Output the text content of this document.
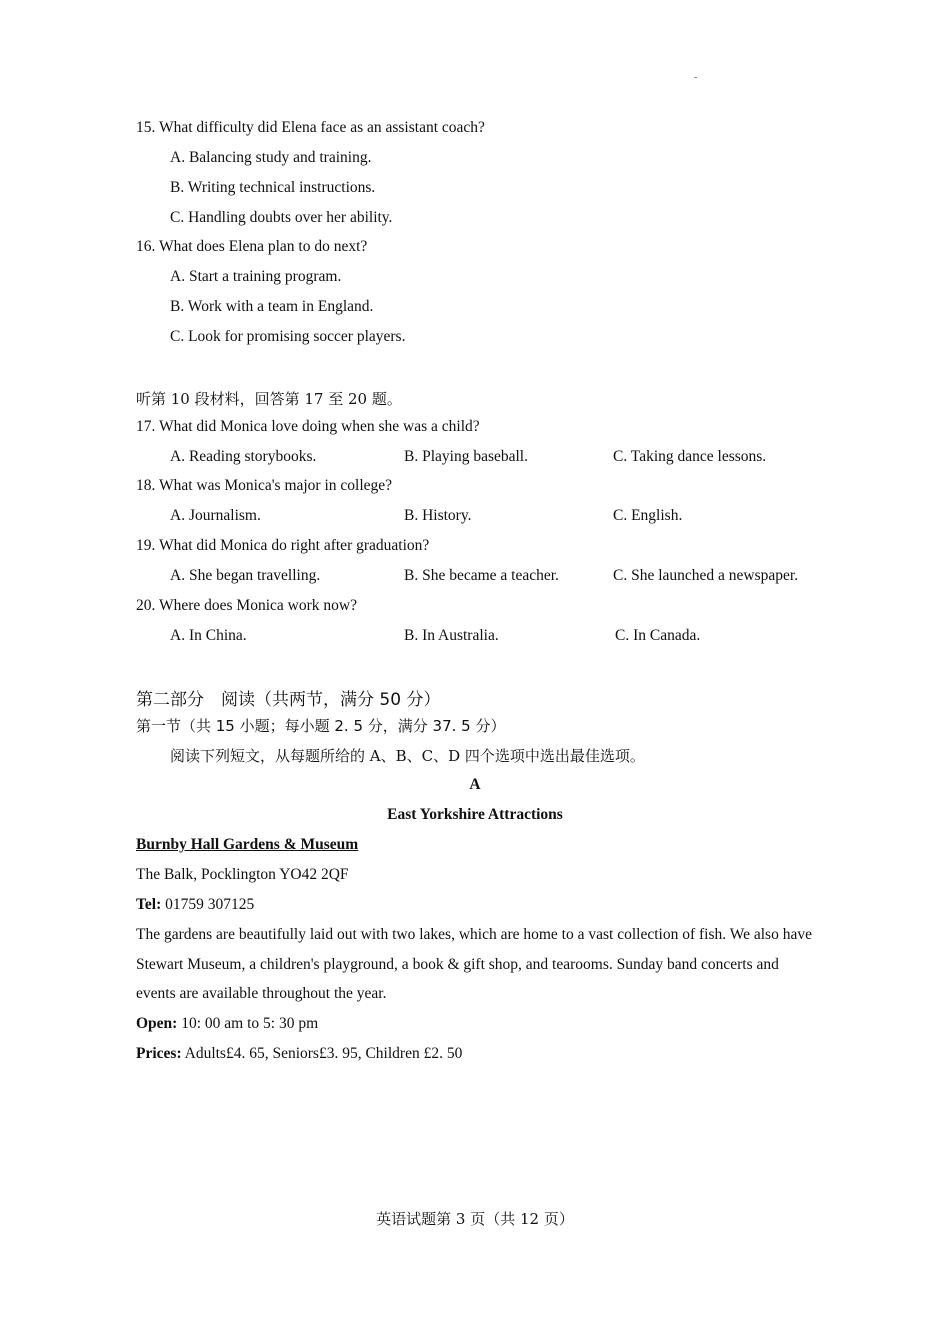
-
15. What difficulty did Elena face as an assistant coach?
A. Balancing study and training.
B. Writing technical instructions.
C. Handling doubts over her ability.
16. What does Elena plan to do next?
A. Start a training program.
B. Work with a team in England.
C. Look for promising soccer players.
听第 10 段材料，回答第 17 至 20 题。
17. What did Monica love doing when she was a child?
A. Reading storybooks.	B. Playing baseball.	C. Taking dance lessons.
18. What was Monica's major in college?
A. Journalism.	B. History.	C. English.
19. What did Monica do right after graduation?
A. She began travelling.	B. She became a teacher.	C. She launched a newspaper.
20. Where does Monica work now?
A. In China.	B. In Australia.	C. In Canada.
第二部分　阅读（共两节，满分 50 分）
第一节（共 15 小题；每小题 2. 5 分，满分 37. 5 分）
阅读下列短文，从每题所给的 A、B、C、D 四个选项中选出最佳选项。
A
East Yorkshire Attractions
Burnby Hall Gardens & Museum
The Balk, Pocklington YO42 2QF
Tel: 01759 307125
The gardens are beautifully laid out with two lakes, which are home to a vast collection of fish. We also have Stewart Museum, a children's playground, a book & gift shop, and tearooms. Sunday band concerts and events are available throughout the year.
Open: 10: 00 am to 5: 30 pm
Prices: Adults£4. 65, Seniors£3. 95, Children £2. 50
英语试题第 3 页（共 12 页）
